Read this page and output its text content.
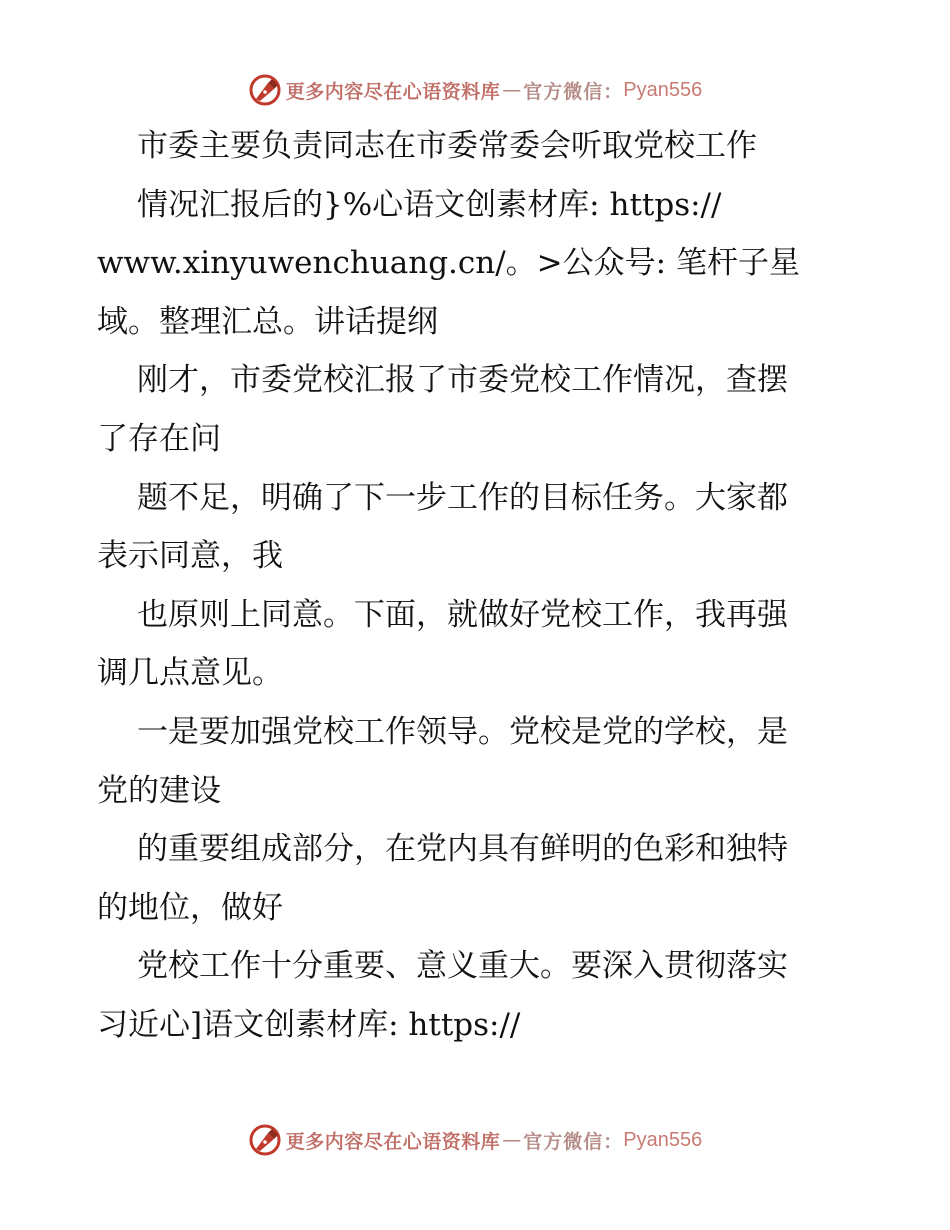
更多内容尽在心语资料库 — 官方微信： Pyan556
市委主要负责同志在市委常委会听取党校工作
情况汇报后的}%心语文创素材库: https://
www.xinyuwenchuang.cn/。>公众号: 笔杆子星
域。整理汇总。讲话提纲
刚才，市委党校汇报了市委党校工作情况，查摆
了存在问
题不足，明确了下一步工作的目标任务。大家都
表示同意，我
也原则上同意。下面，就做好党校工作，我再强
调几点意见。
一是要加强党校工作领导。党校是党的学校，是
党的建设
的重要组成部分，在党内具有鲜明的色彩和独特
的地位，做好
党校工作十分重要、意义重大。要深入贯彻落实
习近心]语文创素材库: https://
更多内容尽在心语资料库 — 官方微信： Pyan556
